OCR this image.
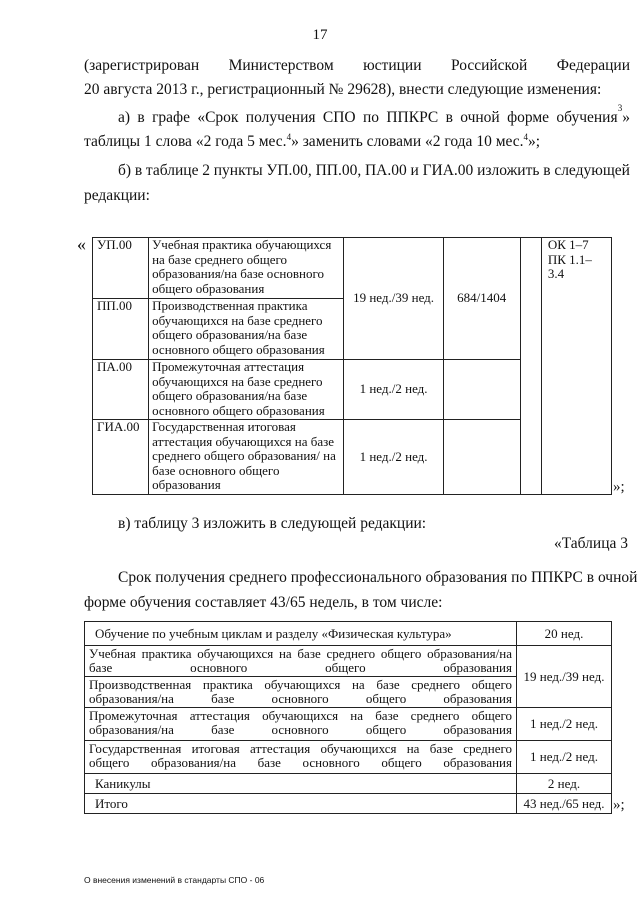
17
(зарегистрирован Министерством юстиции Российской Федерации
20 августа 2013 г., регистрационный № 29628), внести следующие изменения:
а) в графе «Срок получения СПО по ППКРС в очной форме обучения
3
»
таблицы 1 слова «2 года 5 мес.$^4$» заменить словами «2 года 10 мес.$^4$»;
б) в таблице 2 пункты УП.00, ПП.00, ПА.00 и ГИА.00 изложить в следующей
редакции:
« УП.00	Учебная практика обучающихся на базе среднего общего образования/на базе основного общего образования	19 нед./39 нед.	684/1404		ОК 1–7
ПК 1.1–3.4

ПП.00	Производственная практика обучающихся на базе среднего общего образования/на базе основного общего образования				
ПА.00	Промежуточная аттестация обучающихся на базе среднего общего образования/на базе основного общего образования	1 нед./2 нед.			
ГИА.00	Государственная итоговая аттестация обучающихся на базе среднего общего образования/ на базе основного общего образования	1 нед./2 нед.			
»;
в) таблицу 3 изложить в следующей редакции:
«Таблица 3
Срок получения среднего профессионального образования по ППКРС в очной
форме обучения составляет 43/65 недель, в том числе:
Обучение по учебным циклам и разделу «Физическая культура»	20 нед.
Учебная практика обучающихся на базе среднего общего образования/на базе основного общего образования	19 нед./39 нед.
Производственная практика обучающихся на базе среднего общего образования/на базе основного общего образования	
Промежуточная аттестация обучающихся на базе среднего общего образования/на базе основного общего образования	1 нед./2 нед.
Государственная итоговая аттестация обучающихся на базе среднего общего образования/на базе основного общего образования	1 нед./2 нед.
Каникулы	2 нед.
Итого	43 нед./65 нед. »;
О внесения изменений в стандарты СПО - 06
